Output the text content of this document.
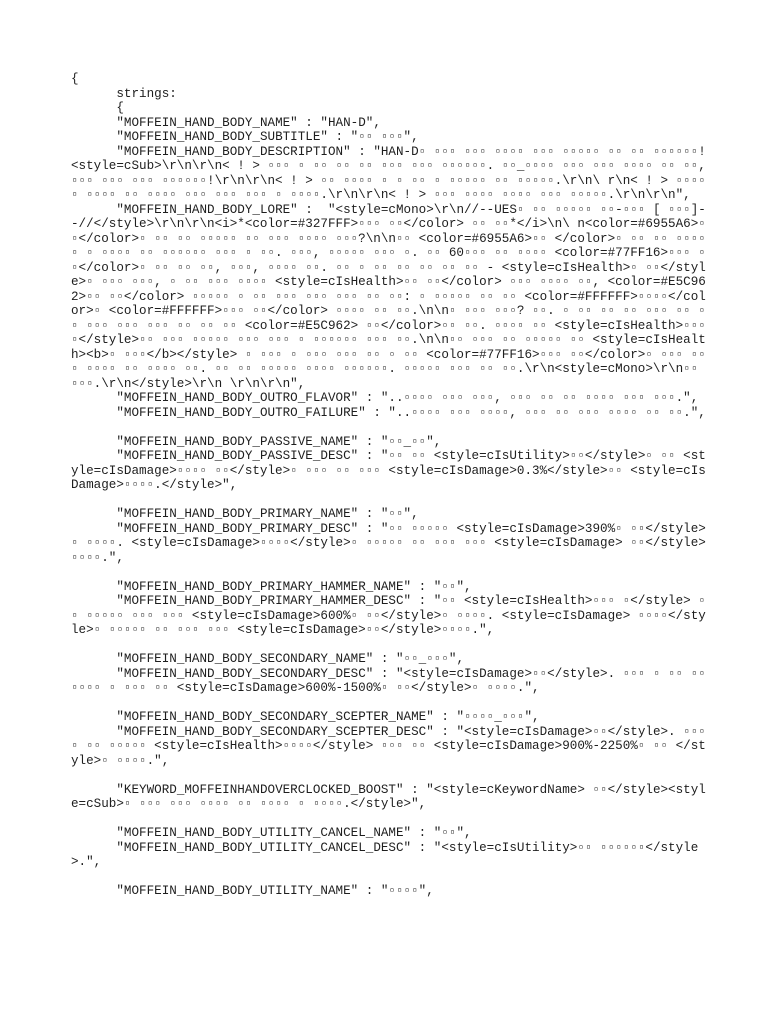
{
strings:
{
"MOFFEIN_HAND_BODY_NAME" : "HAN-D",
"MOFFEIN_HAND_BODY_SUBTITLE" : "▫▫ ▫▫▫",
"MOFFEIN_HAND_BODY_DESCRIPTION" : "HAN-D▫ ▫▫▫ ▫▫▫ ▫▫▫▫ ▫▫▫ ▫▫▫▫▫ ▫▫ ▫▫ ▫▫▫▫▫▫! <style=cSub>\r\n\r\n< ! > ▫▫▫ ▫ ▫▫ ▫▫ ▫▫ ▫▫▫ ▫▫▫ ▫▫▫▫▫▫. ▫▫_▫▫▫▫ ▫▫▫ ▫▫▫ ▫▫▫▫ ▫▫ ▫▫, ▫▫▫ ▫▫▫ ▫▫▫ ▫▫▫▫▫▫!\r\n\r\n< ! > ▫▫ ▫▫▫▫ ▫ ▫ ▫▫ ▫ ▫▫▫▫▫ ▫▫ ▫▫▫▫▫.\r\n\ r\n< ! > ▫▫▫▫▫ ▫▫▫▫ ▫▫ ▫▫▫▫ ▫▫▫ ▫▫▫ ▫▫▫ ▫ ▫▫▫▫.\r\n\r\n< ! > ▫▫▫ ▫▫▫▫ ▫▫▫▫ ▫▫▫ ▫▫▫▫▫.\r\n\r\n",
"MOFFEIN_HAND_BODY_LORE" :  "<style=cMono>\r\n//--UES▫ ▫▫ ▫▫▫▫▫ ▫▫-▫▫▫ [ ▫▫▫]--//</style>\r\n\r\n<i>*<color=#327FFF>▫▫▫ ▫▫</color> ▫▫ ▫▫*</i>\n\ n<color=#6955A6>▫▫</color>▫ ▫▫ ▫▫ ▫▫▫▫▫ ▫▫ ▫▫▫ ▫▫▫▫ ▫▫▫?\n\n▫▫ <color=#6955A6>▫▫ </color>▫ ▫▫ ▫▫ ▫▫▫▫▫ ▫ ▫▫▫▫ ▫▫ ▫▫▫▫▫▫ ▫▫▫ ▫ ▫▫. ▫▫▫, ▫▫▫▫▫ ▫▫▫ ▫. ▫▫ 60▫▫▫ ▫▫ ▫▫▫▫ <color=#77FF16>▫▫▫ ▫▫</color>▫ ▫▫ ▫▫ ▫▫, ▫▫▫, ▫▫▫▫ ▫▫. ▫▫ ▫ ▫▫ ▫▫ ▫▫ ▫▫ ▫▫ - <style=cIsHealth>▫ ▫▫</style>▫ ▫▫▫ ▫▫▫, ▫ ▫▫ ▫▫▫ ▫▫▫▫ <style=cIsHealth>▫▫ ▫▫</color> ▫▫▫ ▫▫▫▫ ▫▫, <color=#E5C962>▫▫ ▫▫</color> ▫▫▫▫▫ ▫ ▫▫ ▫▫▫ ▫▫▫ ▫▫▫ ▫▫ ▫▫: ▫ ▫▫▫▫▫ ▫▫ ▫▫ <color=#FFFFFF>▫▫▫▫</color>▫ <color=#FFFFFF>▫▫▫ ▫▫</color> ▫▫▫▫ ▫▫ ▫▫.\n\n▫ ▫▫▫ ▫▫▫? ▫▫. ▫ ▫▫ ▫▫ ▫▫ ▫▫▫ ▫▫ ▫▫ ▫▫▫ ▫▫▫ ▫▫▫ ▫▫ ▫▫ ▫▫ <color=#E5C962> ▫▫</color>▫▫ ▫▫. ▫▫▫▫ ▫▫ <style=cIsHealth>▫▫▫▫</style>▫▫ ▫▫▫ ▫▫▫▫▫ ▫▫▫ ▫▫▫ ▫ ▫▫▫▫▫▫ ▫▫▫ ▫▫.\n\n▫▫ ▫▫▫ ▫▫ ▫▫▫▫▫ ▫▫ <style=cIsHealth><b>▫ ▫▫▫</b></style> ▫ ▫▫▫ ▫ ▫▫▫ ▫▫▫ ▫▫ ▫ ▫▫ <color=#77FF16>▫▫▫ ▫▫</color>▫ ▫▫▫ ▫▫▫ ▫▫▫▫ ▫▫ ▫▫▫▫ ▫▫. ▫▫ ▫▫ ▫▫▫▫▫ ▫▫▫▫ ▫▫▫▫▫▫. ▫▫▫▫▫ ▫▫▫ ▫▫ ▫▫.\r\n<style=cMono>\r\n▫▫ ▫▫▫.\r\n</style>\r\n \r\n\r\n",
"MOFFEIN_HAND_BODY_OUTRO_FLAVOR" : "..▫▫▫▫ ▫▫▫ ▫▫▫, ▫▫▫ ▫▫ ▫▫ ▫▫▫▫ ▫▫▫ ▫▫▫.",
"MOFFEIN_HAND_BODY_OUTRO_FAILURE" : "..▫▫▫▫ ▫▫▫ ▫▫▫▫, ▫▫▫ ▫▫ ▫▫▫ ▫▫▫▫ ▫▫ ▫▫.",
"MOFFEIN_HAND_BODY_PASSIVE_NAME" : "▫▫_▫▫",
"MOFFEIN_HAND_BODY_PASSIVE_DESC" : "▫▫ ▫▫ <style=cIsUtility>▫▫</style>▫ ▫▫ <style=cIsDamage>▫▫▫▫ ▫▫</style>▫ ▫▫▫ ▫▫ ▫▫▫ <style=cIsDamage>0.3%</style>▫▫ <style=cIsDamage>▫▫▫▫.</style>",
"MOFFEIN_HAND_BODY_PRIMARY_NAME" : "▫▫",
"MOFFEIN_HAND_BODY_PRIMARY_DESC" : "▫▫ ▫▫▫▫▫ <style=cIsDamage>390%▫ ▫▫</style>▫ ▫▫▫▫. <style=cIsDamage>▫▫▫▫</style>▫ ▫▫▫▫▫ ▫▫ ▫▫▫ ▫▫▫ <style=cIsDamage> ▫▫</style>▫▫▫▫.",
"MOFFEIN_HAND_BODY_PRIMARY_HAMMER_NAME" : "▫▫",
"MOFFEIN_HAND_BODY_PRIMARY_HAMMER_DESC" : "▫▫ <style=cIsHealth>▫▫▫ ▫</style> ▫▫ ▫▫▫▫▫ ▫▫▫ ▫▫▫ <style=cIsDamage>600%▫ ▫▫</style>▫ ▫▫▫▫. <style=cIsDamage> ▫▫▫▫</style>▫ ▫▫▫▫▫ ▫▫ ▫▫▫ ▫▫▫ <style=cIsDamage>▫▫</style>▫▫▫▫.",
"MOFFEIN_HAND_BODY_SECONDARY_NAME" : "▫▫_▫▫▫",
"MOFFEIN_HAND_BODY_SECONDARY_DESC" : "<style=cIsDamage>▫▫</style>. ▫▫▫ ▫ ▫▫ ▫▫▫▫▫▫ ▫ ▫▫▫ ▫▫ <style=cIsDamage>600%-1500%▫ ▫▫</style>▫ ▫▫▫▫.",
"MOFFEIN_HAND_BODY_SECONDARY_SCEPTER_NAME" : "▫▫▫▫_▫▫▫",
"MOFFEIN_HAND_BODY_SECONDARY_SCEPTER_DESC" : "<style=cIsDamage>▫▫</style>. ▫▫▫ ▫ ▫▫ ▫▫▫▫▫ <style=cIsHealth>▫▫▫▫</style> ▫▫▫ ▫▫ <style=cIsDamage>900%-2250%▫ ▫▫ </style>▫ ▫▫▫▫.",
"KEYWORD_MOFFEINHANDOVERCLOCKED_BOOST" : "<style=cKeywordName> ▫▫</style><style=cSub>▫ ▫▫▫ ▫▫▫ ▫▫▫▫ ▫▫ ▫▫▫▫ ▫ ▫▫▫▫.</style>",
"MOFFEIN_HAND_BODY_UTILITY_CANCEL_NAME" : "▫▫",
"MOFFEIN_HAND_BODY_UTILITY_CANCEL_DESC" : "<style=cIsUtility>▫▫ ▫▫▫▫▫▫</style>.",
"MOFFEIN_HAND_BODY_UTILITY_NAME" : "▫▫▫▫",
